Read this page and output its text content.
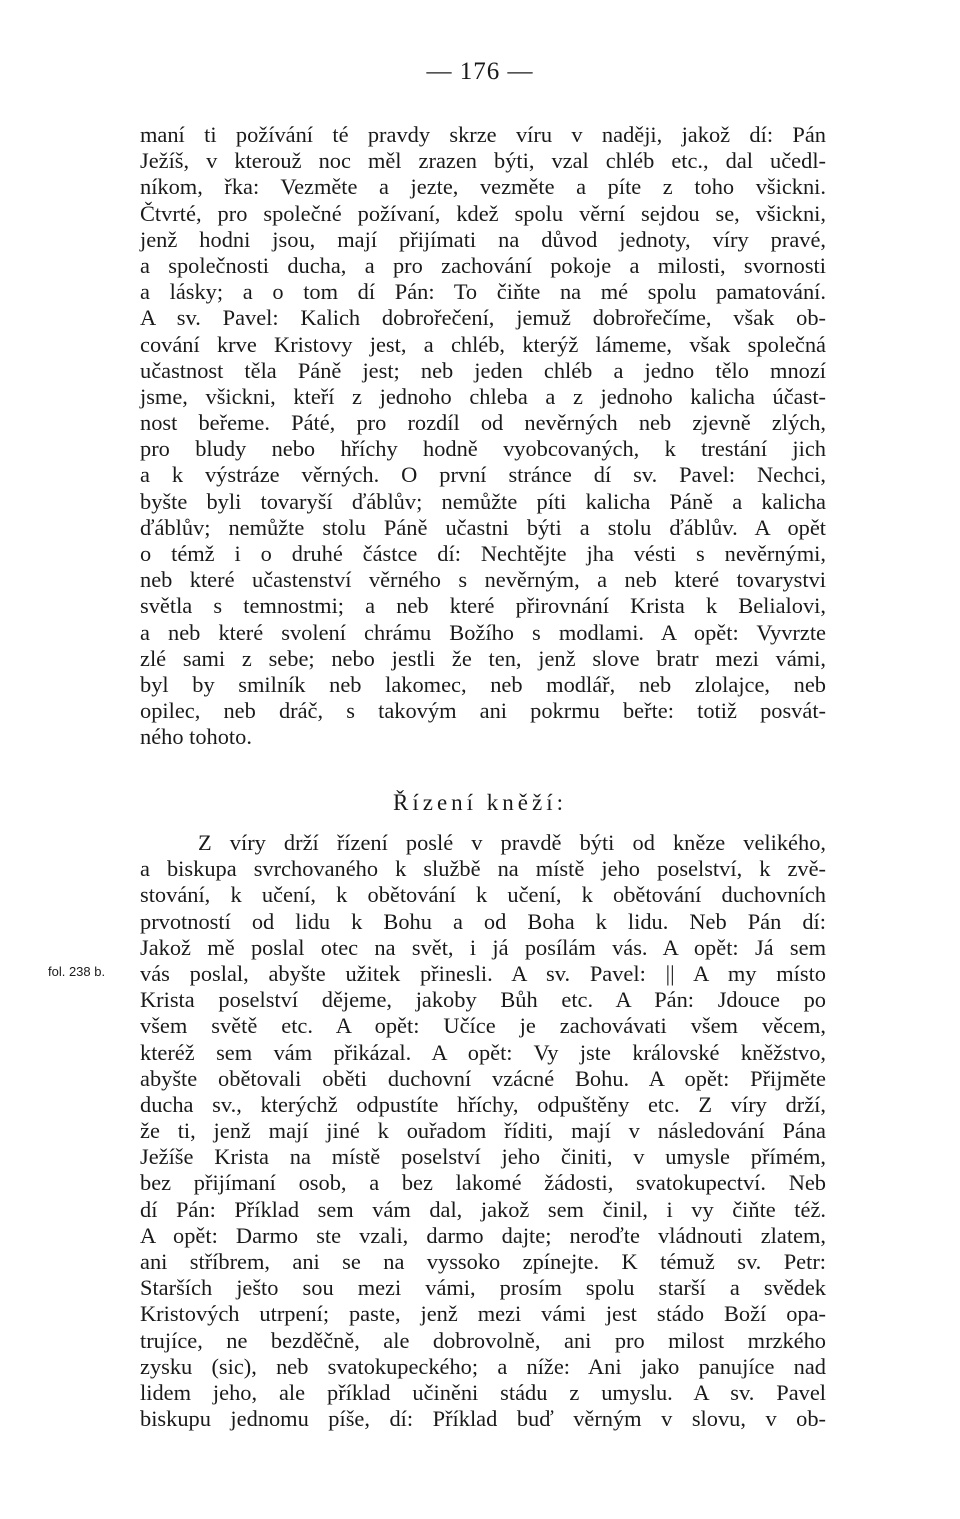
— 176 —
maní ti požívání té pravdy skrze víru v naději, jakož dí: Pán
Ježíš, v kterouž noc měl zrazen býti, vzal chléb etc., dal učedl-
níkom, řka: Vezměte a jezte, vezměte a píte z toho všickni.
Čtvrté, pro společné požívaní, kdež spolu věrní sejdou se, všickni,
jenž hodni jsou, mají přijímati na důvod jednoty, víry pravé,
a společnosti ducha, a pro zachování pokoje a milosti, svornosti
a lásky; a o tom dí Pán: To čiňte na mé spolu pamatování.
A sv. Pavel: Kalich dobrořečení, jemuž dobrořečíme, však ob-
cování krve Kristovy jest, a chléb, kterýž lámeme, však společná
učastnost těla Páně jest; neb jeden chléb a jedno tělo mnozí
jsme, všickni, kteří z jednoho chleba a z jednoho kalicha účast-
nost beřeme. Páté, pro rozdíl od nevěrných neb zjevně zlých,
pro bludy nebo hříchy hodně vyobcovaných, k trestání jich
a k výstráze věrných. O první stránce dí sv. Pavel: Nechci,
byšte byli tovaryší ďáblův; nemůžte píti kalicha Páně a kalicha
ďáblův; nemůžte stolu Páně učastni býti a stolu ďáblův. A opět
o témž i o druhé částce dí: Nechtějte jha vésti s nevěrnými,
neb které učastenství věrného s nevěrným, a neb které tovarystvi
světla s temnostmi; a neb které přirovnání Krista k Belialovi,
a neb které svolení chrámu Božího s modlami. A opět: Vyvrzte
zlé sami z sebe; nebo jestli že ten, jenž slove bratr mezi vámi,
byl by smilník neb lakomec, neb modlář, neb zlolajce, neb
opilec, neb dráč, s takovým ani pokrmu beřte: totiž posvát-
ného tohoto.
Řízení kněží:
fol. 238 b.
Z víry drží řízení poslé v pravdě býti od kněze velikého,
a biskupa svrchovaného k službě na místě jeho poselství, k zvě-
stování, k učení, k obětování k učení, k obětování duchovních
prvotností od lidu k Bohu a od Boha k lidu. Neb Pán dí:
Jakož mě poslal otec na svět, i já posílám vás. A opět: Já sem
vás poslal, abyšte užitek přinesli. A sv. Pavel: || A my místo
Krista poselství dějeme, jakoby Bůh etc. A Pán: Jdouce po
všem světě etc. A opět: Učíce je zachovávati všem věcem,
kteréž sem vám přikázal. A opět: Vy jste královské kněžstvo,
abyšte obětovali oběti duchovní vzácné Bohu. A opět: Přijměte
ducha sv., kterýchž odpustíte hříchy, odpuštěny etc. Z víry drží,
že ti, jenž mají jiné k ouřadom říditi, mají v následování Pána
Ježíše Krista na místě poselství jeho činiti, v umysle přímém,
bez přijímaní osob, a bez lakomé žádosti, svatokupectví. Neb
dí Pán: Příklad sem vám dal, jakož sem činil, i vy čiňte též.
A opět: Darmo ste vzali, darmo dajte; neroďte vládnouti zlatem,
ani stříbrem, ani se na vyssoko zpínejte. K témuž sv. Petr:
Starších ješto sou mezi vámi, prosím spolu starší a svědek
Kristových utrpení; paste, jenž mezi vámi jest stádo Boží opa-
trujíce, ne bezděčně, ale dobrovolně, ani pro milost mrzkého
zysku (sic), neb svatokupeckého; a níže: Ani jako panujíce nad
lidem jeho, ale příklad učiněni stádu z umyslu. A sv. Pavel
biskupu jednomu píše, dí: Příklad buď věrným v slovu, v ob-
